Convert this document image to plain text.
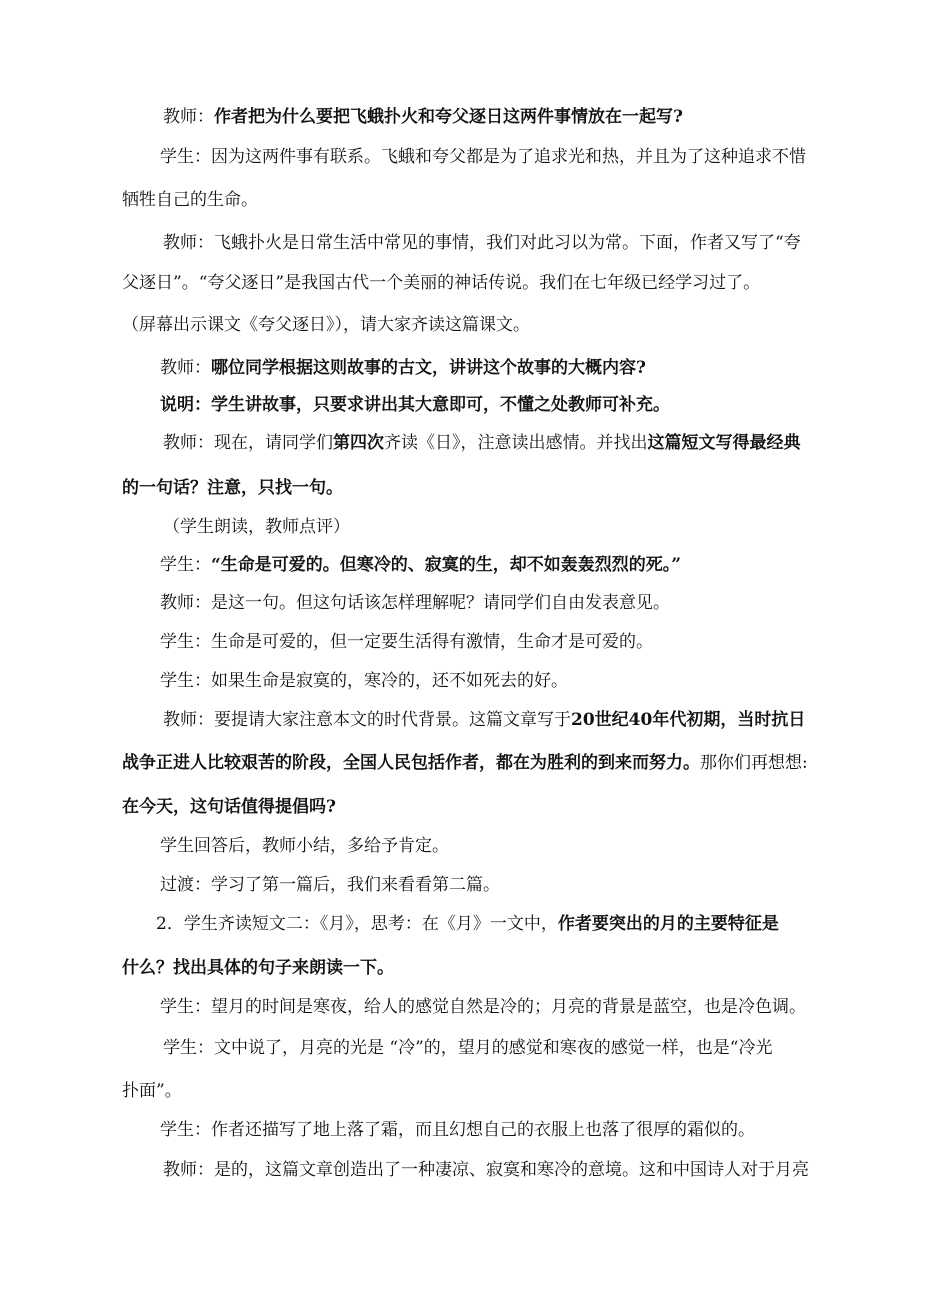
教师：作者把为什么要把飞蛾扑火和夸父逐日这两件事情放在一起写?
学生：因为这两件事有联系。飞蛾和夸父都是为了追求光和热，并且为了这种追求不惜
牺牲自己的生命。
教师：飞蛾扑火是日常生活中常见的事情，我们对此习以为常。下面，作者又写了“夸
父逐日”。“夸父逐日”是我国古代一个美丽的神话传说。我们在七年级已经学习过了。
（屏幕出示课文《夸父逐日》），请大家齐读这篇课文。
教师：哪位同学根据这则故事的古文，讲讲这个故事的大概内容?
说明：学生讲故事，只要求讲出其大意即可，不懂之处教师可补充。
教师：现在，请同学们第四次齐读《日》，注意读出感情。并找出这篇短文写得最经典
的一句话？注意，只找一句。
（学生朗读，教师点评）
学生：“生命是可爱的。但寒冷的、寂寞的生，却不如轰轰烈烈的死。”
教师：是这一句。但这句话该怎样理解呢？请同学们自由发表意见。
学生：生命是可爱的，但一定要生活得有激情，生命才是可爱的。
学生：如果生命是寂寞的，寒冷的，还不如死去的好。
教师：要提请大家注意本文的时代背景。这篇文章写于20世纪40年代初期，当时抗日
战争正进人比较艰苦的阶段，全国人民包括作者，都在为胜利的到来而努力。那你们再想想:
在今天，这句话值得提倡吗?
学生回答后，教师小结，多给予肯定。
过渡：学习了第一篇后，我们来看看第二篇。
2．学生齐读短文二：《月》，思考：在《月》一文中，作者要突出的月的主要特征是
什么？找出具体的句子来朗读一下。
学生：望月的时间是寒夜，给人的感觉自然是冷的；月亮的背景是蓝空，也是冷色调。
学生：文中说了，月亮的光是 “冷”的，望月的感觉和寒夜的感觉一样，也是“冷光
扑面”。
学生：作者还描写了地上落了霜，而且幻想自己的衣服上也落了很厚的霜似的。
教师：是的，这篇文章创造出了一种凄凉、寂寞和寒冷的意境。这和中国诗人对于月亮
